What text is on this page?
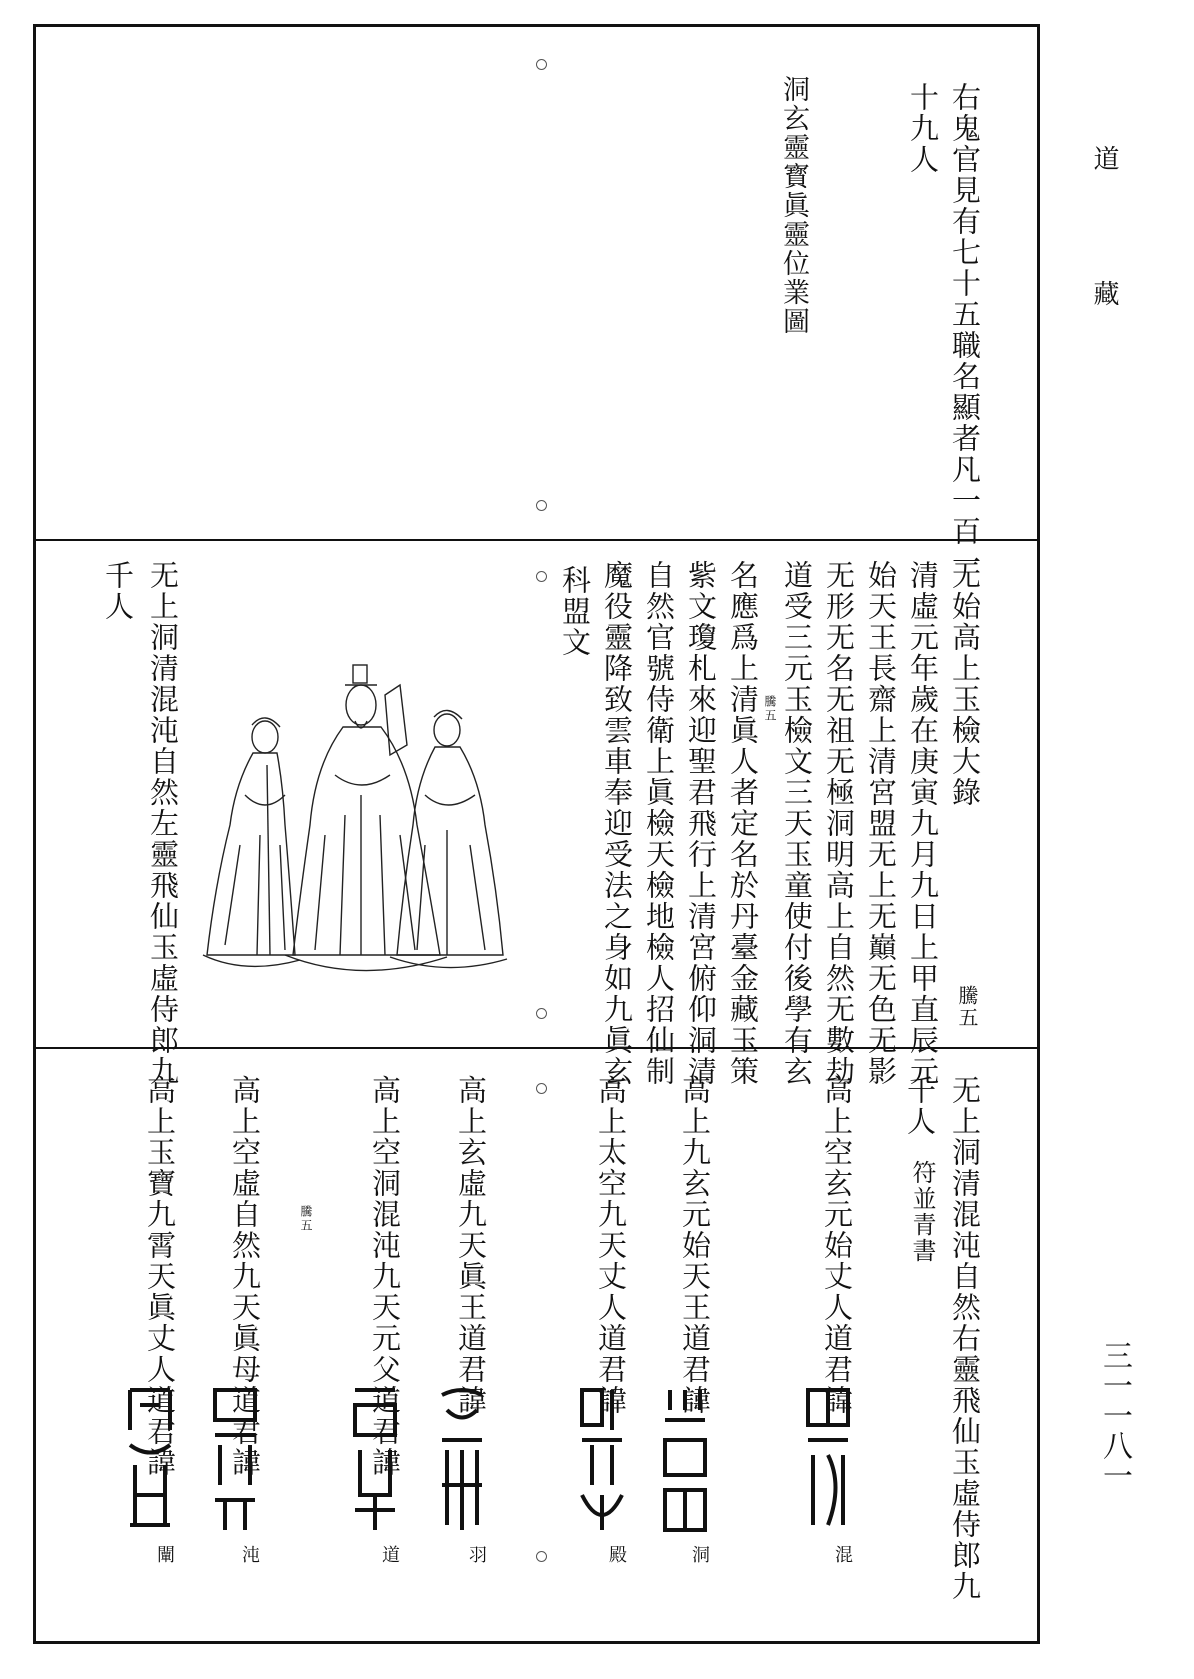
道
藏
三一一八一
右鬼官見有七十五職名顯者凡一百一
十九人
洞玄靈寳眞靈位業圖
无始高上玉檢大錄
騰五
清虛元年歲在庚寅九月九日上甲直辰元
始天王長齋上清宮盟无上无巔无色无影
无形无名无祖无極洞明高上自然无數劫
道受三元玉檢文三天玉童使付後學有玄
名應爲上清眞人者定名於丹臺金藏玉策
紫文瓊札來迎聖君飛行上清宮俯仰洞清
自然官號侍衛上眞檢天檢地檢人招仙制
魔役靈降致雲車奉迎受法之身如九眞玄
科盟文
騰五
无上洞清混沌自然左靈飛仙玉虛侍郎九
千人
无上洞清混沌自然右靈飛仙玉虛侍郎九
千人
符並青書
騰五	高上空玄元始丈人道君諱
高上九玄元始天王道君諱
高上太空九天丈人道君諱
高上玄虛九天眞王道君諱
高上空洞混沌九天元父道君諱
高上空虛自然九天眞母道君諱
高上玉寶九霄天眞丈人道君諱
混
洞
殿
羽
道
沌
闡
